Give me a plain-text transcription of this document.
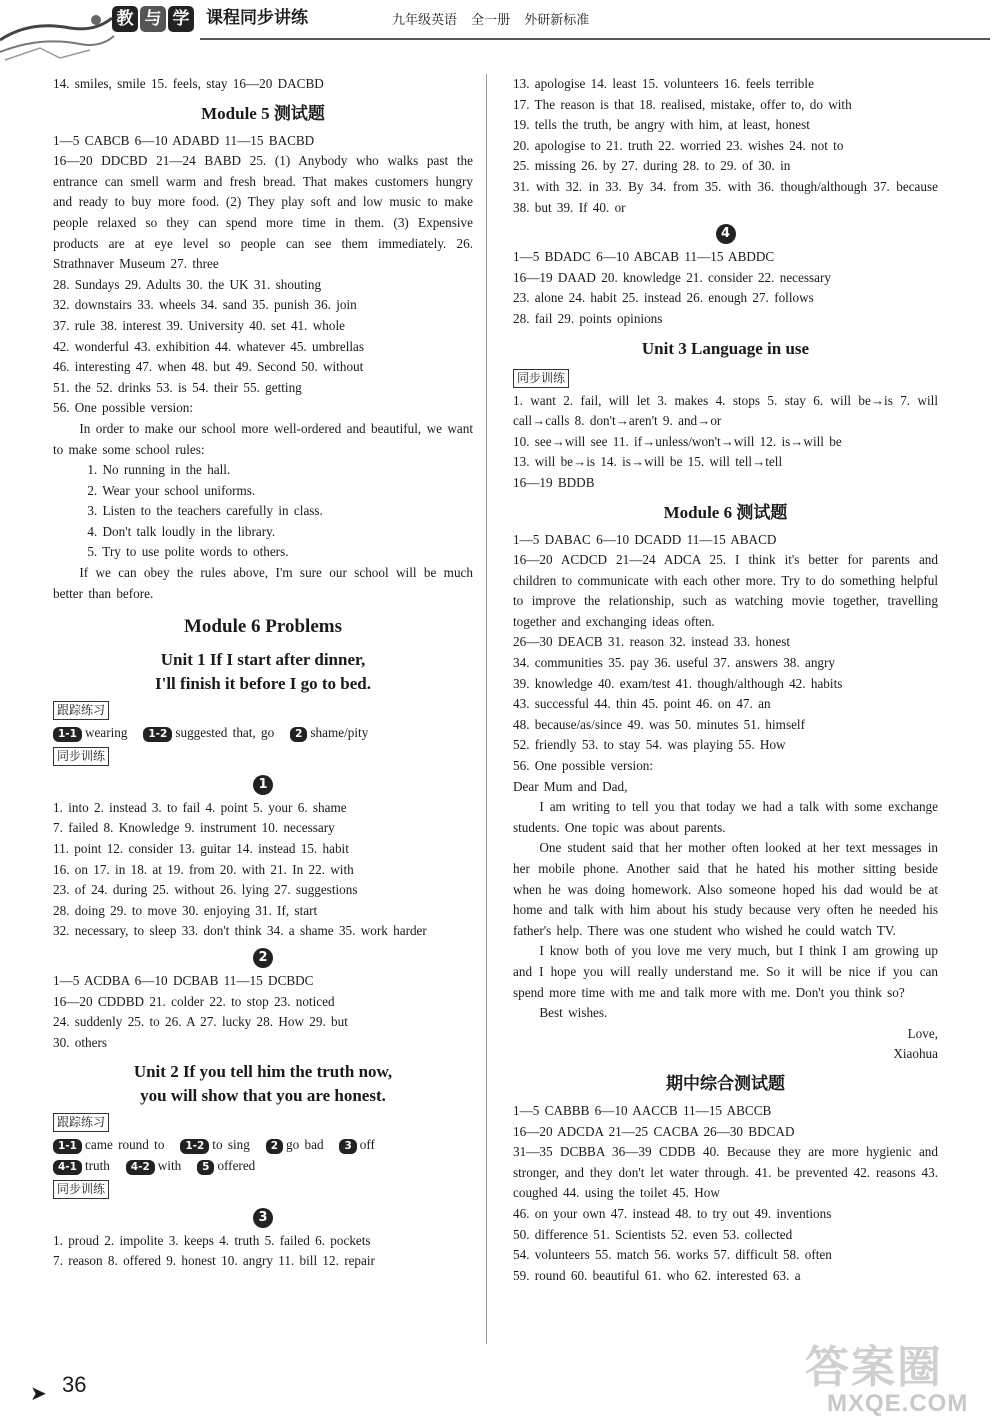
教 与 学 课程同步讲练	九年级英语 全一册 外研新标准

14. smiles, smile 15. feels, stay 16—20 DACBD

Module 5 测试题

1—5 CABCB 6—10 ADABD 11—15 BACBD

16—20 DDCBD 21—24 BABD 25. (1) Anybody who walks past the entrance can smell warm and fresh bread. That makes customers hungry and ready to buy more food. (2) They play soft and low music to make people relaxed so they can spend more time in them. (3) Expensive products are at eye level so people can see them immediately. 26. Strathnaver Museum 27. three

28. Sundays 29. Adults 30. the UK 31. shouting

32. downstairs 33. wheels 34. sand 35. punish 36. join

37. rule 38. interest 39. University 40. set 41. whole

42. wonderful 43. exhibition 44. whatever 45. umbrellas

46. interesting 47. when 48. but 49. Second 50. without

51. the 52. drinks 53. is 54. their 55. getting

56. One possible version:

In order to make our school more well-ordered and beautiful, we want to make some school rules:

1. No running in the hall.

2. Wear your school uniforms.

3. Listen to the teachers carefully in class.

4. Don't talk loudly in the library.

5. Try to use polite words to others.

If we can obey the rules above, I'm sure our school will be much better than before.

Module 6 Problems
Unit 1 If I start after dinner,
I'll finish it before I go to bed.
跟踪练习

1-1 wearing 1-2 suggested that, go 2 shame/pity

同步训练
1

1. into 2. instead 3. to fail 4. point 5. your 6. shame

7. failed 8. Knowledge 9. instrument 10. necessary

11. point 12. consider 13. guitar 14. instead 15. habit

16. on 17. in 18. at 19. from 20. with 21. In 22. with

23. of 24. during 25. without 26. lying 27. suggestions

28. doing 29. to move 30. enjoying 31. If, start

32. necessary, to sleep 33. don't think 34. a shame 35. work harder

2

1—5 ACDBA 6—10 DCBAB 11—15 DCBDC

16—20 CDDBD 21. colder 22. to stop 23. noticed

24. suddenly 25. to 26. A 27. lucky 28. How 29. but

30. others

Unit 2 If you tell him the truth now,
you will show that you are honest.
跟踪练习

1-1 came round to 1-2 to sing 2 go bad 3 off

4-1 truth 4-2 with 5 offered

同步训练
3

1. proud 2. impolite 3. keeps 4. truth 5. failed 6. pockets

7. reason 8. offered 9. honest 10. angry 11. bill 12. repair

13. apologise 14. least 15. volunteers 16. feels terrible

17. The reason is that 18. realised, mistake, offer to, do with

19. tells the truth, be angry with him, at least, honest

20. apologise to 21. truth 22. worried 23. wishes 24. not to

25. missing 26. by 27. during 28. to 29. of 30. in

31. with 32. in 33. By 34. from 35. with 36. though/although 37. because 38. but 39. If 40. or

4

1—5 BDADC 6—10 ABCAB 11—15 ABDDC

16—19 DAAD 20. knowledge 21. consider 22. necessary

23. alone 24. habit 25. instead 26. enough 27. follows

28. fail 29. points opinions

Unit 3 Language in use
同步训练

1. want 2. fail, will let 3. makes 4. stops 5. stay 6. will be→is 7. will call→calls 8. don't→aren't 9. and→or

10. see→will see 11. if→unless/won't→will 12. is→will be

13. will be→is 14. is→will be 15. will tell→tell

16—19 BDDB

Module 6 测试题

1—5 DABAC 6—10 DCADD 11—15 ABACD

16—20 ACDCD 21—24 ADCA 25. I think it's better for parents and children to communicate with each other more. Try to do something helpful to improve the relationship, such as watching movie together, travelling together and exchanging ideas often.

26—30 DEACB 31. reason 32. instead 33. honest

34. communities 35. pay 36. useful 37. answers 38. angry

39. knowledge 40. exam/test 41. though/although 42. habits

43. successful 44. thin 45. point 46. on 47. an

48. because/as/since 49. was 50. minutes 51. himself

52. friendly 53. to stay 54. was playing 55. How

56. One possible version:

Dear Mum and Dad,

I am writing to tell you that today we had a talk with some exchange students. One topic was about parents.

One student said that her mother often looked at her text messages in her mobile phone. Another said that he hated his mother sitting beside when he was doing homework. Also someone hoped his dad would be at home and talk with him about his study because very often he needed his father's help. There was one student who wished he could watch TV.

I know both of you love me very much, but I think I am growing up and I hope you will really understand me. So it will be nice if you can spend more time with me and talk more with me. Don't you think so?

Best wishes.

Love,

Xiaohua

期中综合测试题

1—5 CABBB 6—10 AACCB 11—15 ABCCB

16—20 ADCDA 21—25 CACBA 26—30 BDCAD

31—35 DCBBA 36—39 CDDB 40. Because they are more hygienic and stronger, and they don't let water through. 41. be prevented 42. reasons 43. coughed 44. using the toilet 45. How

46. on your own 47. instead 48. to try out 49. inventions

50. difference 51. Scientists 52. even 53. collected

54. volunteers 55. match 56. works 57. difficult 58. often

59. round 60. beautiful 61. who 62. interested 63. a

➤ 36	答案圈
MXQE.COM
